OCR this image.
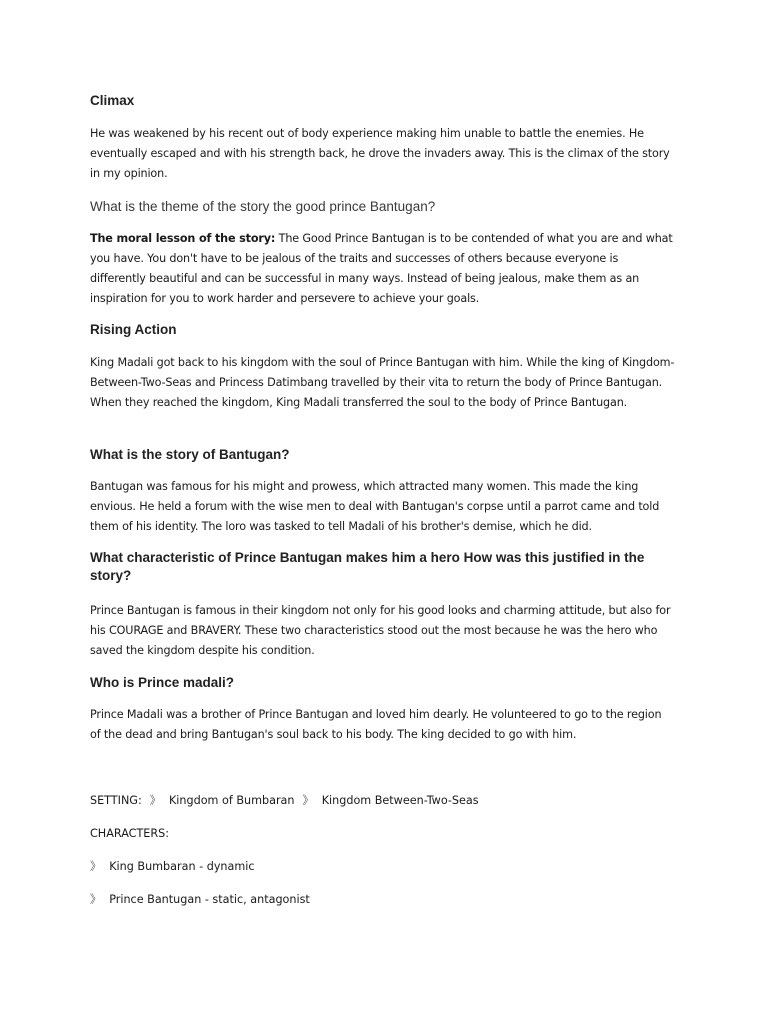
Climax

He was weakened by his recent out of body experience making him unable to battle the enemies. He eventually escaped and with his strength back, he drove the invaders away. This is the climax of the story in my opinion.

What is the theme of the story the good prince Bantugan?

The moral lesson of the story: The Good Prince Bantugan is to be contended of what you are and what you have. You don't have to be jealous of the traits and successes of others because everyone is differently beautiful and can be successful in many ways. Instead of being jealous, make them as an inspiration for you to work harder and persevere to achieve your goals.

Rising Action

King Madali got back to his kingdom with the soul of Prince Bantugan with him. While the king of Kingdom-Between-Two-Seas and Princess Datimbang travelled by their vita to return the body of Prince Bantugan. When they reached the kingdom, King Madali transferred the soul to the body of Prince Bantugan.

What is the story of Bantugan?

Bantugan was famous for his might and prowess, which attracted many women. This made the king envious. He held a forum with the wise men to deal with Bantugan's corpse until a parrot came and told them of his identity. The loro was tasked to tell Madali of his brother's demise, which he did.

What characteristic of Prince Bantugan makes him a hero How was this justified in the story?

Prince Bantugan is famous in their kingdom not only for his good looks and charming attitude, but also for his COURAGE and BRAVERY. These two characteristics stood out the most because he was the hero who saved the kingdom despite his condition.

Who is Prince madali?

Prince Madali was a brother of Prince Bantugan and loved him dearly. He volunteered to go to the region of the dead and bring Bantugan's soul back to his body. The king decided to go with him.

SETTING: 》 Kingdom of Bumbaran 》 Kingdom Between-Two-Seas

CHARACTERS:

》 King Bumbaran - dynamic

》 Prince Bantugan - static, antagonist
